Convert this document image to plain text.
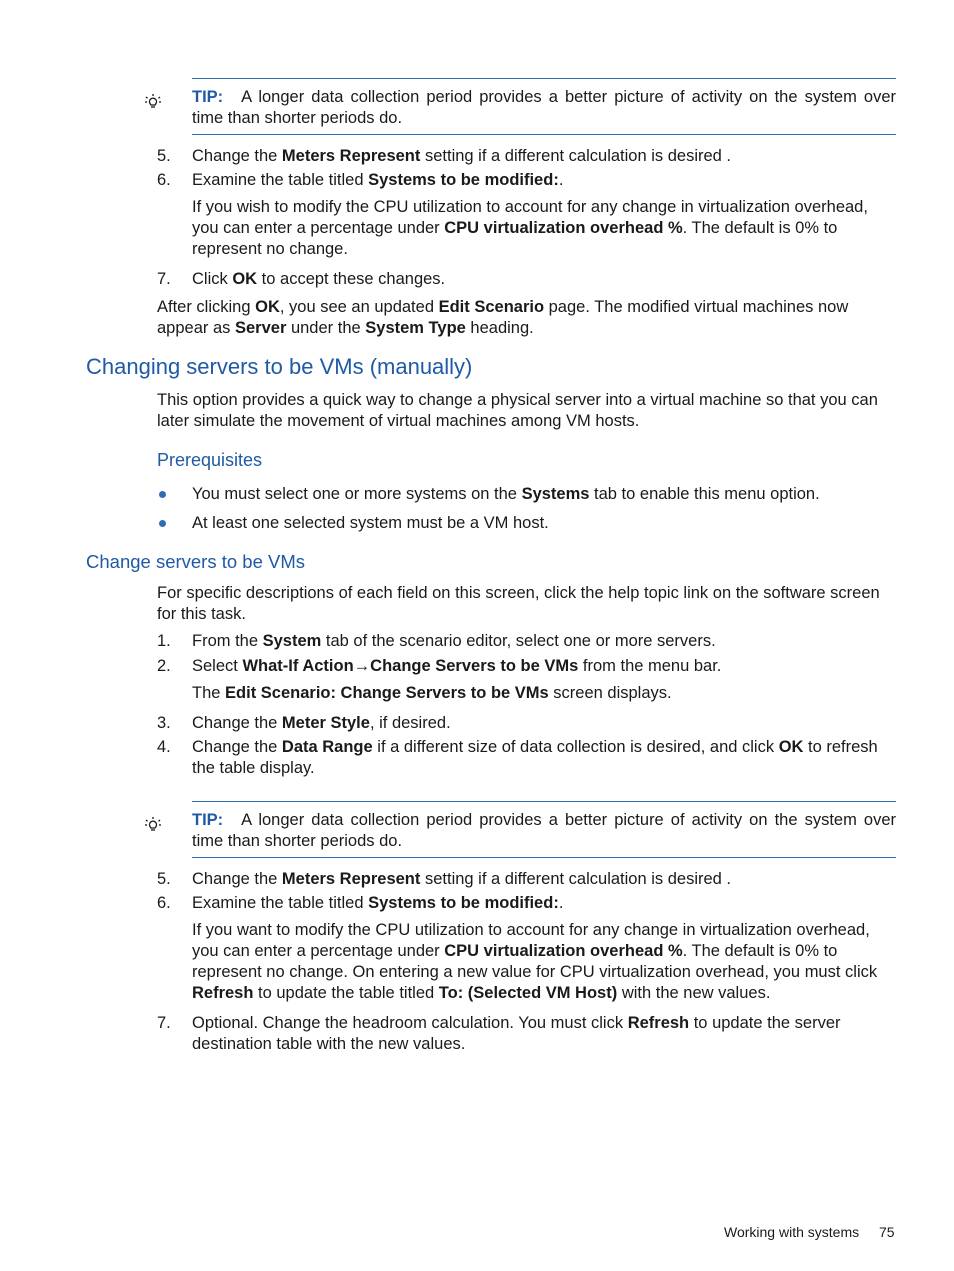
TIP: A longer data collection period provides a better picture of activity on the system over time than shorter periods do.
5. Change the Meters Represent setting if a different calculation is desired .
6. Examine the table titled Systems to be modified:.
If you wish to modify the CPU utilization to account for any change in virtualization overhead, you can enter a percentage under CPU virtualization overhead %. The default is 0% to represent no change.
7. Click OK to accept these changes.
After clicking OK, you see an updated Edit Scenario page. The modified virtual machines now appear as Server under the System Type heading.
Changing servers to be VMs (manually)
This option provides a quick way to change a physical server into a virtual machine so that you can later simulate the movement of virtual machines among VM hosts.
Prerequisites
You must select one or more systems on the Systems tab to enable this menu option.
At least one selected system must be a VM host.
Change servers to be VMs
For specific descriptions of each field on this screen, click the help topic link on the software screen for this task.
1. From the System tab of the scenario editor, select one or more servers.
2. Select What-If Action→Change Servers to be VMs from the menu bar.
The Edit Scenario: Change Servers to be VMs screen displays.
3. Change the Meter Style, if desired.
4. Change the Data Range if a different size of data collection is desired, and click OK to refresh the table display.
TIP: A longer data collection period provides a better picture of activity on the system over time than shorter periods do.
5. Change the Meters Represent setting if a different calculation is desired .
6. Examine the table titled Systems to be modified:.
If you want to modify the CPU utilization to account for any change in virtualization overhead, you can enter a percentage under CPU virtualization overhead %. The default is 0% to represent no change. On entering a new value for CPU virtualization overhead, you must click Refresh to update the table titled To: (Selected VM Host) with the new values.
7. Optional. Change the headroom calculation. You must click Refresh to update the server destination table with the new values.
Working with systems 75
